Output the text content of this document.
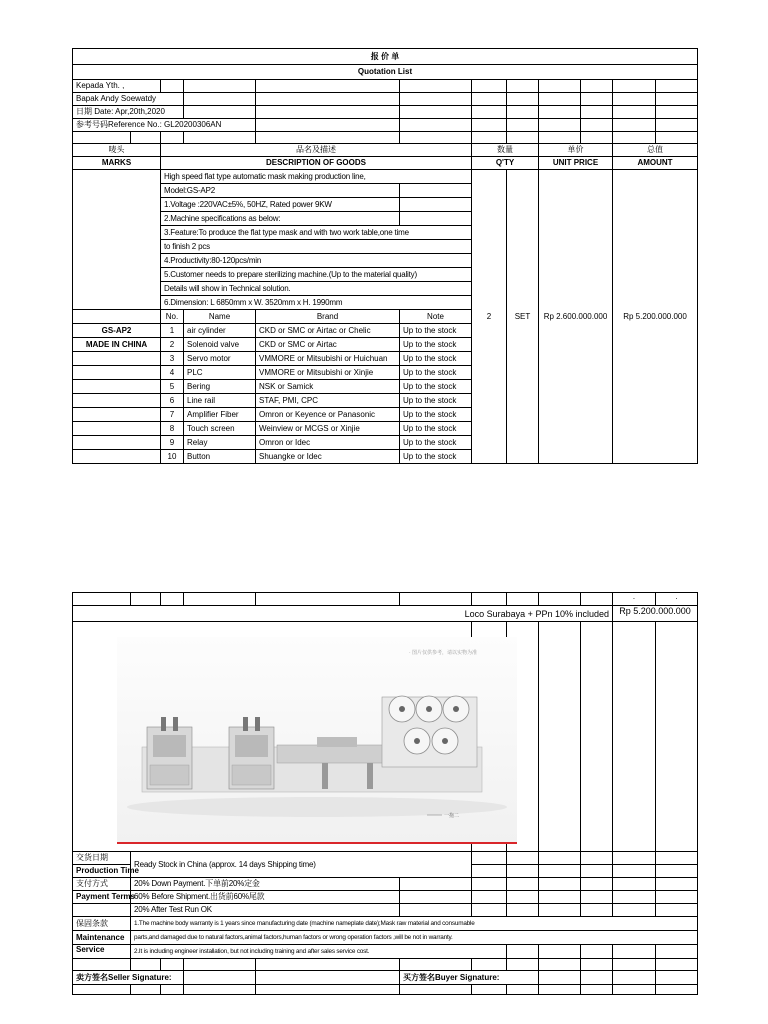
报 价 单											
Quotation List											
Kepada Yth. ,											
Bapak Andy Soewatdy											
日期 Date: Apr,20th,2020											
参考号码Reference No.: GL20200306AN											

唛头		品名及描述				数量		单价		总值	
MARKS		DESCRIPTION OF GOODS				Q'TY		UNIT PRICE		AMOUNT	
		High speed flat type automatic mask making production line,				2	SET	Rp 2.600.000.000		Rp 5.200.000.000	
		Model:GS-AP2									
		1.Voltage :220VAC±5%, 50HZ, Rated power 9KW									
		2.Machine specifications as below:									
		3.Feature:To produce the flat type mask and with two work table,one time									
		to finish 2 pcs									
		4.Productivity:80-120pcs/min									
		5.Customer needs to prepare sterilizing machine.(Up to the material quality)									
		Details will show in Technical solution.									
		6.Dimension: L 6850mm x W. 3520mm x H. 1990mm									
		No.	Name	Brand	Note						
GS-AP2		1	air cylinder	CKD or SMC or Airtac or Chelic	Up to the stock						
MADE IN CHINA		2	Solenoid valve	CKD or SMC or Airtac	Up to the stock						
		3	Servo motor	VMMORE or Mitsubishi or Huichuan	Up to the stock						
		4	PLC	VMMORE or Mitsubishi or Xinjie	Up to the stock						
		5	Bering	NSK or Samick	Up to the stock						
		6	Line rail	STAF, PMI, CPC	Up to the stock						
		7	Amplifier Fiber	Omron or Keyence or Panasonic	Up to the stock						
		8	Touch screen	Weinview or MCGS or Xinjie	Up to the stock						
		9	Relay	Omron or Idec	Up to the stock						
		10	Button	Shuangke or Idec	Up to the stock						
										·	·
Loco Surabaya + PPn 10% included										Rp 5.200.000.000	

交货日期	Ready Stock in China (approx. 14 days Shipping time)										
Production Time											
支付方式	20% Down Payment.下单前20%定金										
Payment Terms	60% Before Shipment.出货前60%尾款										
	20% After Test Run OK										
保固条款	1.The machine body warranty is 1 years since manufacturing date (machine nameplate date);Mask raw material and consumable										
Maintenance	parts,and damaged due to natural factors,animal factors,human factors or wrong operation factors ,will be not in warranty.										
Service	2.It is including engineer installation, but not including training and after sales service cost.										

卖方签名Seller Signature:					买方签名Buyer Signature:						

· 图片仅供参考，请以实物为准
一拖二
